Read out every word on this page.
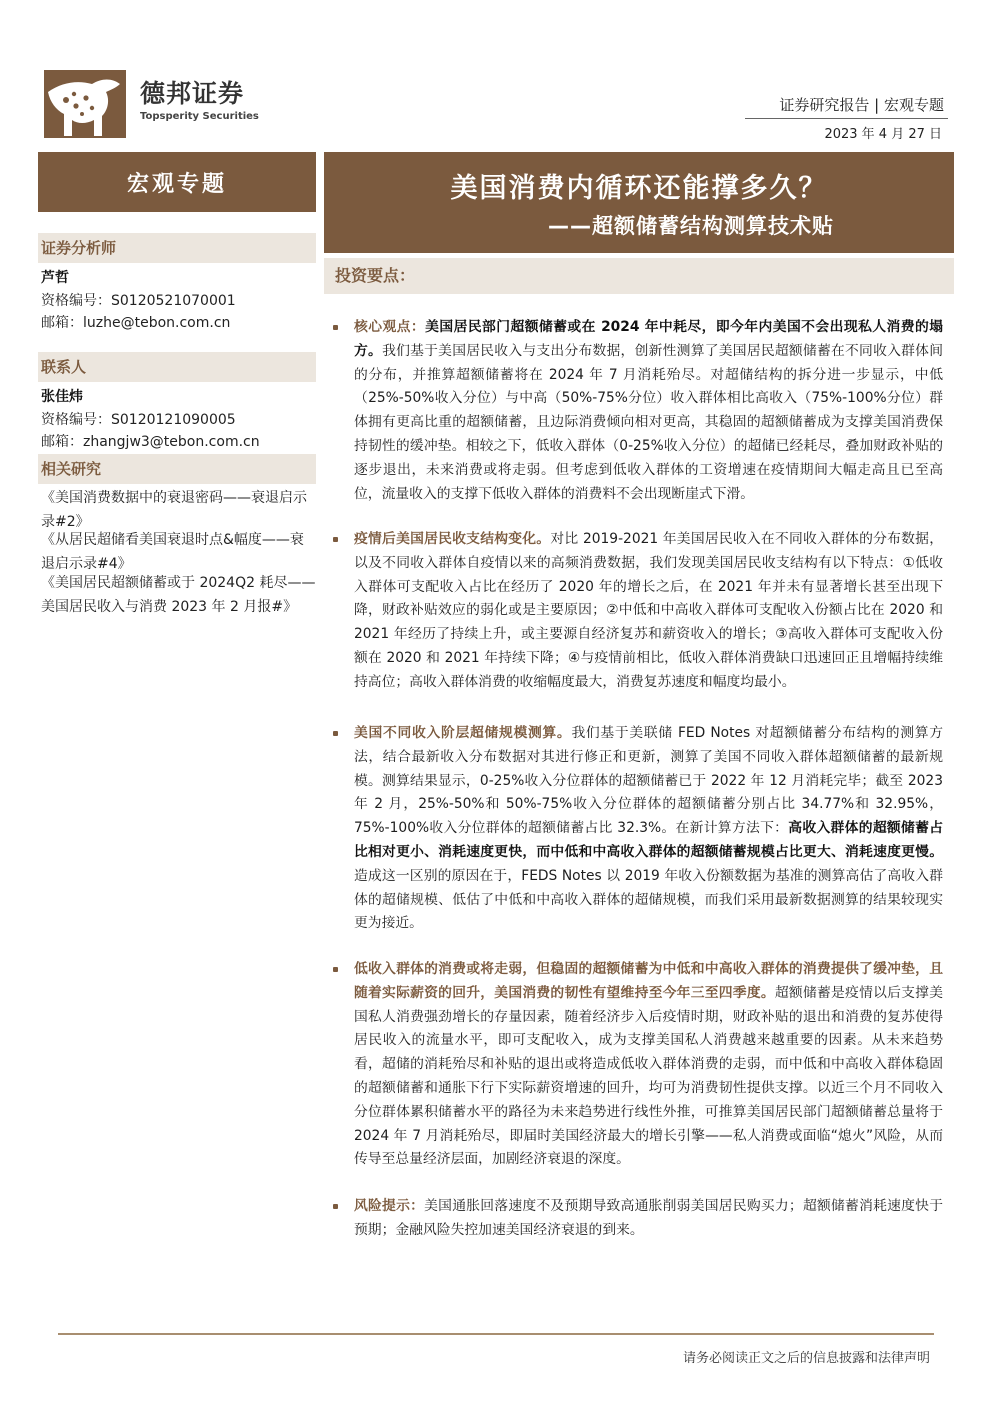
德邦证券
Topsperity Securities
证券研究报告 | 宏观专题
2023 年 4 月 27 日
宏观专题	美国消费内循环还能撑多久？
——超额储蓄结构测算技术贴
证券分析师
芦哲
资格编号：S0120521070001
邮箱：luzhe@tebon.com.cn
联系人
张佳炜
资格编号：S0120121090005
邮箱：zhangjw3@tebon.com.cn
相关研究
《美国消费数据中的衰退密码——衰退启示录#2》
《从居民超储看美国衰退时点&幅度——衰退启示录#4》
《美国居民超额储蓄或于 2024Q2 耗尽——美国居民收入与消费 2023 年 2 月报#》
投资要点：
核心观点：美国居民部门超额储蓄或在 2024 年中耗尽，即今年内美国不会出现私人消费的塌方。我们基于美国居民收入与支出分布数据，创新性测算了美国居民超额储蓄在不同收入群体间的分布，并推算超额储蓄将在 2024 年 7 月消耗殆尽。对超储结构的拆分进一步显示，中低（25%-50%收入分位）与中高（50%-75%分位）收入群体相比高收入（75%-100%分位）群体拥有更高比重的超额储蓄，且边际消费倾向相对更高，其稳固的超额储蓄成为支撑美国消费保持韧性的缓冲垫。相较之下，低收入群体（0-25%收入分位）的超储已经耗尽，叠加财政补贴的逐步退出，未来消费或将走弱。但考虑到低收入群体的工资增速在疫情期间大幅走高且已至高位，流量收入的支撑下低收入群体的消费料不会出现断崖式下滑。
疫情后美国居民收支结构变化。对比 2019-2021 年美国居民收入在不同收入群体的分布数据，以及不同收入群体自疫情以来的高频消费数据，我们发现美国居民收支结构有以下特点：①低收入群体可支配收入占比在经历了 2020 年的增长之后，在 2021 年并未有显著增长甚至出现下降，财政补贴效应的弱化或是主要原因；②中低和中高收入群体可支配收入份额占比在 2020 和 2021 年经历了持续上升，或主要源自经济复苏和薪资收入的增长；③高收入群体可支配收入份额在 2020 和 2021 年持续下降；④与疫情前相比，低收入群体消费缺口迅速回正且增幅持续维持高位；高收入群体消费的收缩幅度最大，消费复苏速度和幅度均最小。
美国不同收入阶层超储规模测算。我们基于美联储 FED Notes 对超额储蓄分布结构的测算方法，结合最新收入分布数据对其进行修正和更新，测算了美国不同收入群体超额储蓄的最新规模。测算结果显示，0-25%收入分位群体的超额储蓄已于 2022 年 12 月消耗完毕；截至 2023 年 2 月，25%-50%和 50%-75%收入分位群体的超额储蓄分别占比 34.77%和 32.95%，75%-100%收入分位群体的超额储蓄占比 32.3%。在新计算方法下：高收入群体的超额储蓄占比相对更小、消耗速度更快，而中低和中高收入群体的超额储蓄规模占比更大、消耗速度更慢。造成这一区别的原因在于，FEDS Notes 以 2019 年收入份额数据为基准的测算高估了高收入群体的超储规模、低估了中低和中高收入群体的超储规模，而我们采用最新数据测算的结果较现实更为接近。
低收入群体的消费或将走弱，但稳固的超额储蓄为中低和中高收入群体的消费提供了缓冲垫，且随着实际薪资的回升，美国消费的韧性有望维持至今年三至四季度。超额储蓄是疫情以后支撑美国私人消费强劲增长的存量因素，随着经济步入后疫情时期，财政补贴的退出和消费的复苏使得居民收入的流量水平，即可支配收入，成为支撑美国私人消费越来越重要的因素。从未来趋势看，超储的消耗殆尽和补贴的退出或将造成低收入群体消费的走弱，而中低和中高收入群体稳固的超额储蓄和通胀下行下实际薪资增速的回升，均可为消费韧性提供支撑。以近三个月不同收入分位群体累积储蓄水平的路径为未来趋势进行线性外推，可推算美国居民部门超额储蓄总量将于 2024 年 7 月消耗殆尽，即届时美国经济最大的增长引擎——私人消费或面临“熄火”风险，从而传导至总量经济层面，加剧经济衰退的深度。
风险提示：美国通胀回落速度不及预期导致高通胀削弱美国居民购买力；超额储蓄消耗速度快于预期；金融风险失控加速美国经济衰退的到来。
请务必阅读正文之后的信息披露和法律声明
